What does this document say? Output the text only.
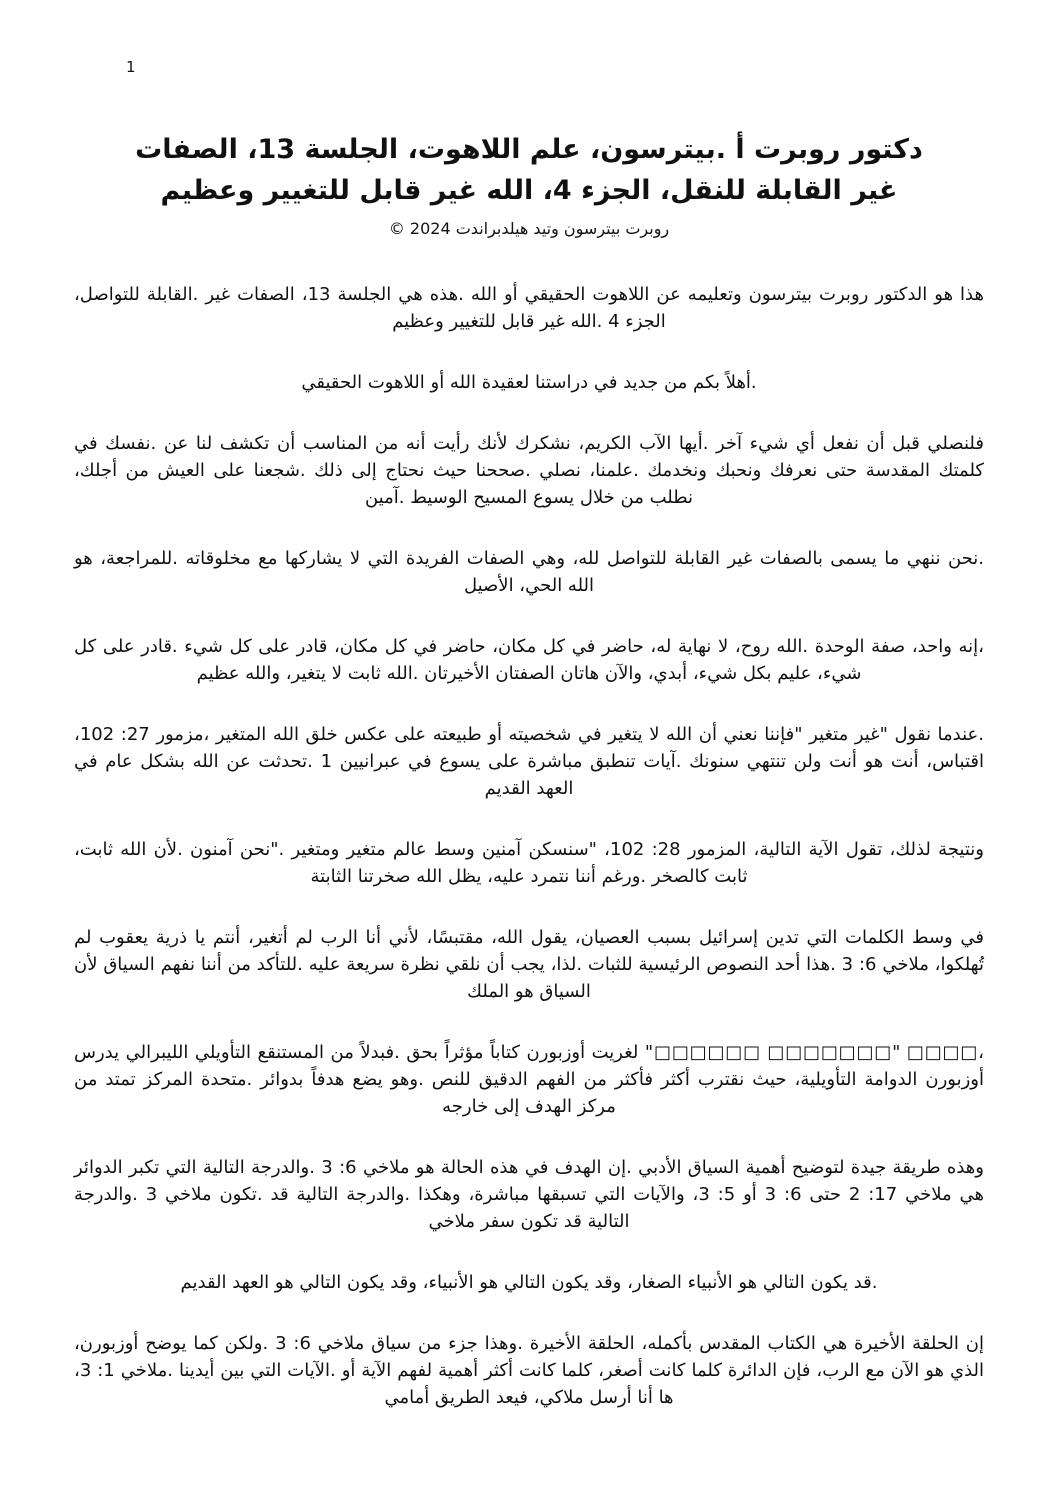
1
دكتور روبرت أ .بيترسون، علم اللاهوت، الجلسة 13، الصفات
غير القابلة للنقل، الجزء 4، الله غير قابل للتغيير وعظيم
روبرت بيترسون وتيد هيلدبراندت 2024 ©

هذا هو الدكتور روبرت بيترسون وتعليمه عن اللاهوت الحقيقي أو الله .هذه هي الجلسة 13، الصفات غير .القابلة للتواصل، الجزء 4 .الله غير قابل للتغيير وعظيم

.أهلاً بكم من جديد في دراستنا لعقيدة الله أو اللاهوت الحقيقي

فلنصلي قبل أن نفعل أي شيء آخر .أيها الآب الكريم، نشكرك لأنك رأيت أنه من المناسب أن تكشف لنا عن .نفسك في كلمتك المقدسة حتى نعرفك ونحبك ونخدمك .علمنا، نصلي .صححنا حيث نحتاج إلى ذلك .شجعنا على العيش من أجلك، نطلب من خلال يسوع المسيح الوسيط .آمين

.نحن ننهي ما يسمى بالصفات غير القابلة للتواصل لله، وهي الصفات الفريدة التي لا يشاركها مع مخلوقاته .للمراجعة، هو الله الحي، الأصيل

،إنه واحد، صفة الوحدة .الله روح، لا نهاية له، حاضر في كل مكان، حاضر في كل مكان، قادر على كل شيء .قادر على كل شيء، عليم بكل شيء، أبدي، والآن هاتان الصفتان الأخيرتان .الله ثابت لا يتغير، والله عظيم

.عندما نقول "غير متغير "فإننا نعني أن الله لا يتغير في شخصيته أو طبيعته على عكس خلق الله المتغير ،مزمور ⁦102 :27⁩، اقتباس، أنت هو أنت ولن تنتهي سنونك .آيات تنطبق مباشرة على يسوع في عبرانيين 1 .تحدثت عن الله بشكل عام في العهد القديم

ونتيجة لذلك، تقول الآية التالية، المزمور ⁦102 :28⁩، "سنسكن آمنين وسط عالم متغير ومتغير ."نحن آمنون .لأن الله ثابت، ثابت كالصخر .ورغم أننا نتمرد عليه، يظل الله صخرتنا الثابتة

في وسط الكلمات التي تدين إسرائيل بسبب العصيان، يقول الله، مقتبسًا، لأني أنا الرب لم أتغير، أنتم يا ذرية يعقوب لم تُهلكوا، ملاخي ⁦3 :6⁩ .هذا أحد النصوص الرئيسية للثبات .لذا، يجب أن نلقي نظرة سريعة عليه .للتأكد من أننا نفهم السياق لأن السياق هو الملك

،□□□□ "□□□□□□□ □□□□□□" لغريت أوزبورن كتاباً مؤثراً بحق .فبدلاً من المستنقع التأويلي الليبرالي يدرس أوزبورن الدوامة التأويلية، حيث نقترب أكثر فأكثر من الفهم الدقيق للنص .وهو يضع هدفاً بدوائر .متحدة المركز تمتد من مركز الهدف إلى خارجه

وهذه طريقة جيدة لتوضيح أهمية السياق الأدبي .إن الهدف في هذه الحالة هو ملاخي ⁦3 :6⁩ .والدرجة التالية التي تكبر الدوائر هي ملاخي ⁦2 :17⁩ حتى ⁦3 :6⁩ أو ⁦3 :5⁩، والآيات التي تسبقها مباشرة، وهكذا .والدرجة التالية قد .تكون ملاخي 3 .والدرجة التالية قد تكون سفر ملاخي

.قد يكون التالي هو الأنبياء الصغار، وقد يكون التالي هو الأنبياء، وقد يكون التالي هو العهد القديم

إن الحلقة الأخيرة هي الكتاب المقدس بأكمله، الحلقة الأخيرة .وهذا جزء من سياق ملاخي ⁦3 :6⁩ .ولكن كما يوضح أوزبورن، الذي هو الآن مع الرب، فإن الدائرة كلما كانت أصغر، كلما كانت أكثر أهمية لفهم الآية أو .الآيات التي بين أيدينا .ملاخي ⁦3 :1⁩، ها أنا أرسل ملاكي، فيعد الطريق أمامي
